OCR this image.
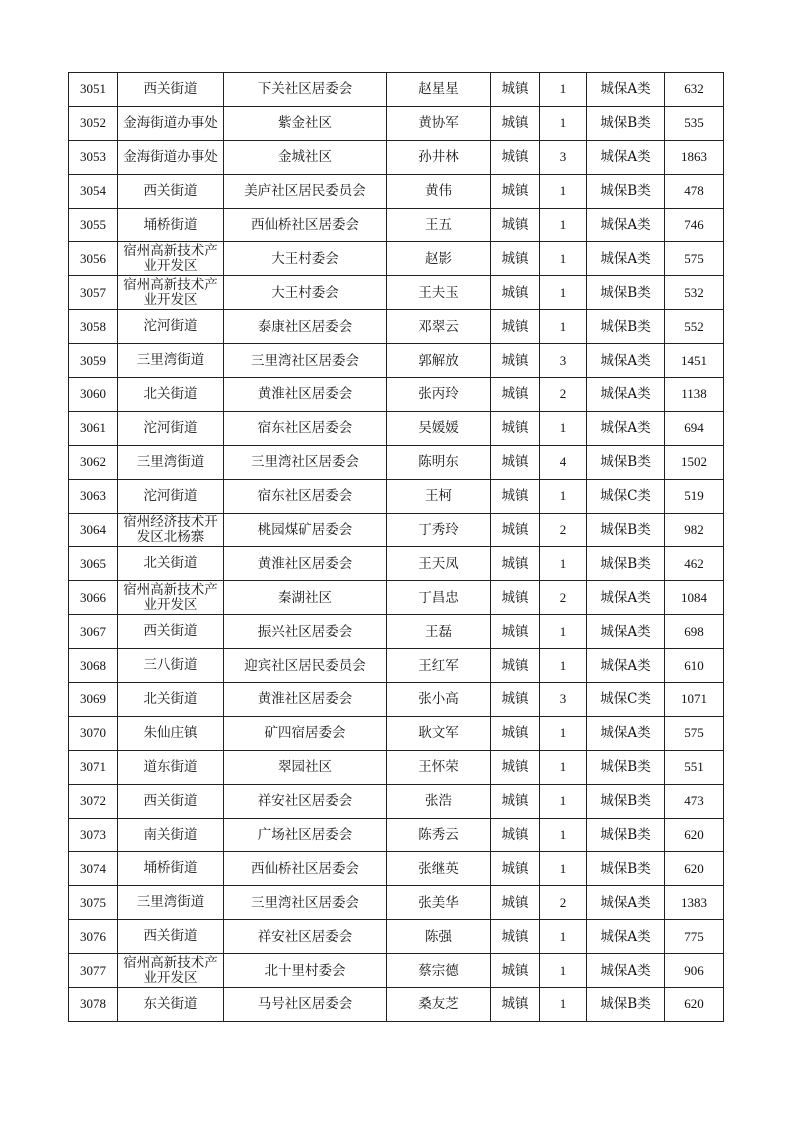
3051	西关街道	下关社区居委会	赵星星	城镇	1	城保A类	632
3052	金海街道办事处	紫金社区	黄协军	城镇	1	城保B类	535
3053	金海街道办事处	金城社区	孙井林	城镇	3	城保A类	1863
3054	西关街道	美庐社区居民委员会	黄伟	城镇	1	城保B类	478
3055	埇桥街道	西仙桥社区居委会	王五	城镇	1	城保A类	746
3056	宿州高新技术产业开发区	大王村委会	赵影	城镇	1	城保A类	575
3057	宿州高新技术产业开发区	大王村委会	王夫玉	城镇	1	城保B类	532
3058	沱河街道	泰康社区居委会	邓翠云	城镇	1	城保B类	552
3059	三里湾街道	三里湾社区居委会	郭解放	城镇	3	城保A类	1451
3060	北关街道	黄淮社区居委会	张丙玲	城镇	2	城保A类	1138
3061	沱河街道	宿东社区居委会	吴媛媛	城镇	1	城保A类	694
3062	三里湾街道	三里湾社区居委会	陈明东	城镇	4	城保B类	1502
3063	沱河街道	宿东社区居委会	王柯	城镇	1	城保C类	519
3064	宿州经济技术开发区北杨寨	桃园煤矿居委会	丁秀玲	城镇	2	城保B类	982
3065	北关街道	黄淮社区居委会	王天凤	城镇	1	城保B类	462
3066	宿州高新技术产业开发区	秦湖社区	丁昌忠	城镇	2	城保A类	1084
3067	西关街道	振兴社区居委会	王磊	城镇	1	城保A类	698
3068	三八街道	迎宾社区居民委员会	王红军	城镇	1	城保A类	610
3069	北关街道	黄淮社区居委会	张小高	城镇	3	城保C类	1071
3070	朱仙庄镇	矿四宿居委会	耿文军	城镇	1	城保A类	575
3071	道东街道	翠园社区	王怀荣	城镇	1	城保B类	551
3072	西关街道	祥安社区居委会	张浩	城镇	1	城保B类	473
3073	南关街道	广场社区居委会	陈秀云	城镇	1	城保B类	620
3074	埇桥街道	西仙桥社区居委会	张继英	城镇	1	城保B类	620
3075	三里湾街道	三里湾社区居委会	张美华	城镇	2	城保A类	1383
3076	西关街道	祥安社区居委会	陈强	城镇	1	城保A类	775
3077	宿州高新技术产业开发区	北十里村委会	蔡宗德	城镇	1	城保A类	906
3078	东关街道	马号社区居委会	桑友芝	城镇	1	城保B类	620
